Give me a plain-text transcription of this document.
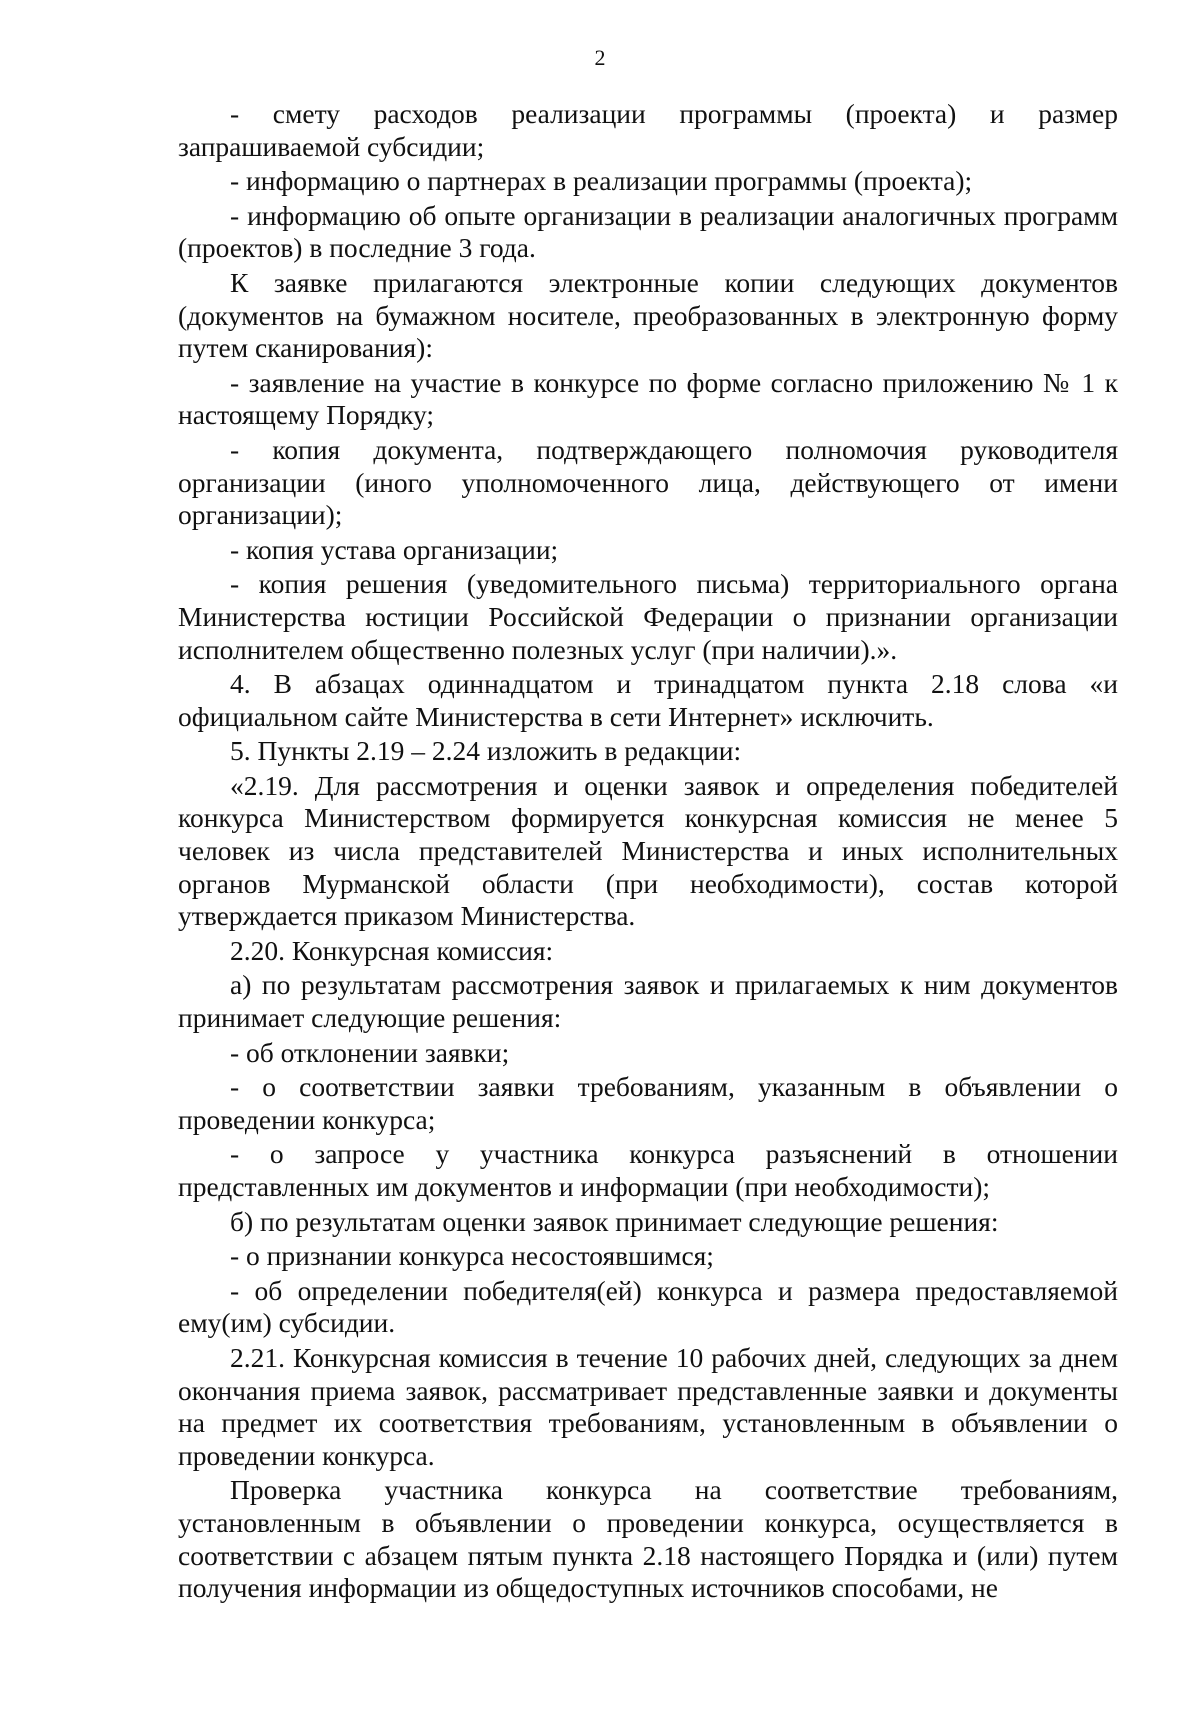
2

- смету расходов реализации программы (проекта) и размер запрашиваемой субсидии;

- информацию о партнерах в реализации программы (проекта);

- информацию об опыте организации в реализации аналогичных программ (проектов) в последние 3 года.

К заявке прилагаются электронные копии следующих документов (документов на бумажном носителе, преобразованных в электронную форму путем сканирования):

- заявление на участие в конкурсе по форме согласно приложению № 1 к настоящему Порядку;

- копия документа, подтверждающего полномочия руководителя организации (иного уполномоченного лица, действующего от имени организации);

- копия устава организации;

- копия решения (уведомительного письма) территориального органа Министерства юстиции Российской Федерации о признании организации исполнителем общественно полезных услуг (при наличии).».

4. В абзацах одиннадцатом и тринадцатом пункта 2.18 слова «и официальном сайте Министерства в сети Интернет» исключить.

5. Пункты 2.19 – 2.24 изложить в редакции:

«2.19. Для рассмотрения и оценки заявок и определения победителей конкурса Министерством формируется конкурсная комиссия не менее 5 человек из числа представителей Министерства и иных исполнительных органов Мурманской области (при необходимости), состав которой утверждается приказом Министерства.

2.20. Конкурсная комиссия:

а) по результатам рассмотрения заявок и прилагаемых к ним документов принимает следующие решения:

- об отклонении заявки;

- о соответствии заявки требованиям, указанным в объявлении о проведении конкурса;

- о запросе у участника конкурса разъяснений в отношении представленных им документов и информации (при необходимости);

б) по результатам оценки заявок принимает следующие решения:

- о признании конкурса несостоявшимся;

- об определении победителя(ей) конкурса и размера предоставляемой ему(им) субсидии.

2.21. Конкурсная комиссия в течение 10 рабочих дней, следующих за днем окончания приема заявок, рассматривает представленные заявки и документы на предмет их соответствия требованиям, установленным в объявлении о проведении конкурса.

Проверка участника конкурса на соответствие требованиям, установленным в объявлении о проведении конкурса, осуществляется в соответствии с абзацем пятым пункта 2.18 настоящего Порядка и (или) путем получения информации из общедоступных источников способами, не
